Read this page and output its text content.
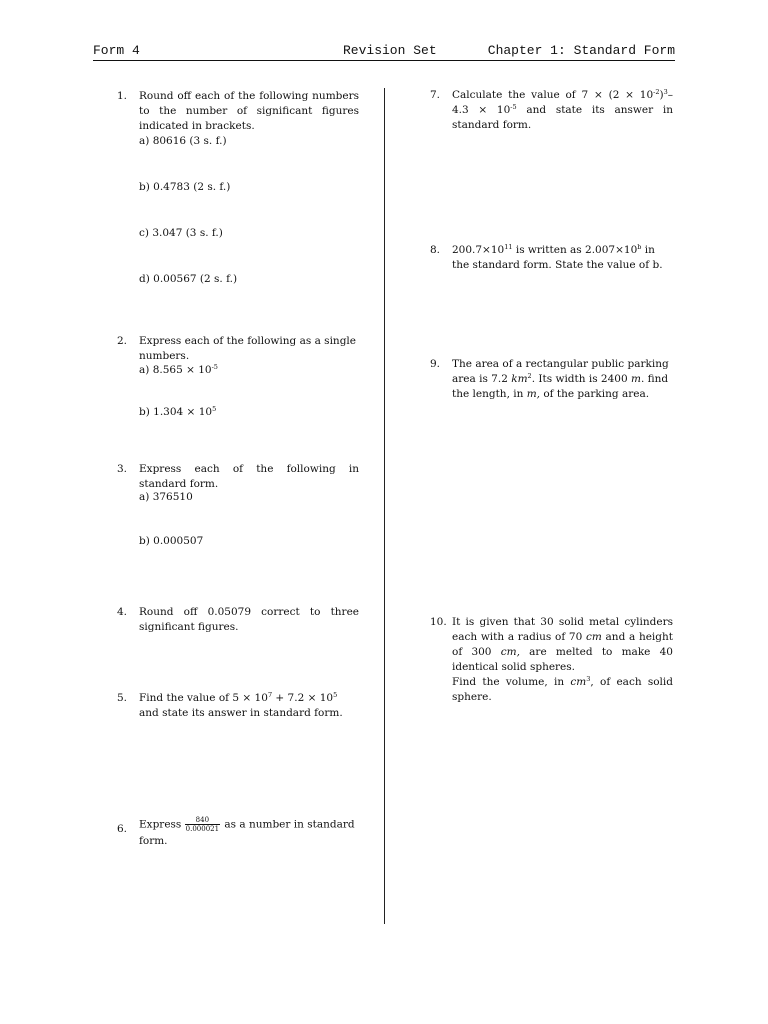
Form 4	Revision Set	Chapter 1: Standard Form
1.	Round off each of the following numbers to the number of significant figures indicated in brackets.
a) 80616 (3 s. f.)
b) 0.4783 (2 s. f.)
c) 3.047 (3 s. f.)
d) 0.00567 (2 s. f.)
2.	Express each of the following as a single numbers.
a) $8.565 \times 10^{-5}$
b) $1.304 \times 10^5$
3.	Express each of the following in standard form.
a) 376510
b) 0.000507
4.	Round off 0.05079 correct to three significant figures.
5.	Find the value of $5 \times 10^7 + 7.2 \times 10^5$ and state its answer in standard form.
6.	Express $\frac{840}{0.000021}$ as a number in standard form.
7.	Calculate the value of $7 \times (2 \times 10^{-2})^3-$ $4.3 \times 10^{-5}$ and state its answer in standard form.
8.	$200.7\times 10^{11}$ is written as $2.007\times 10^b$ in the standard form. State the value of b.
9.	The area of a rectangular public parking area is 7.2 $km^2$. Its width is 2400 m. find the length, in m, of the parking area.
10. It is given that 30 solid metal cylinders each with a radius of 70 cm and a height of 300 cm, are melted to make 40 identical solid spheres.
Find the volume, in $cm^3$, of each solid sphere.
